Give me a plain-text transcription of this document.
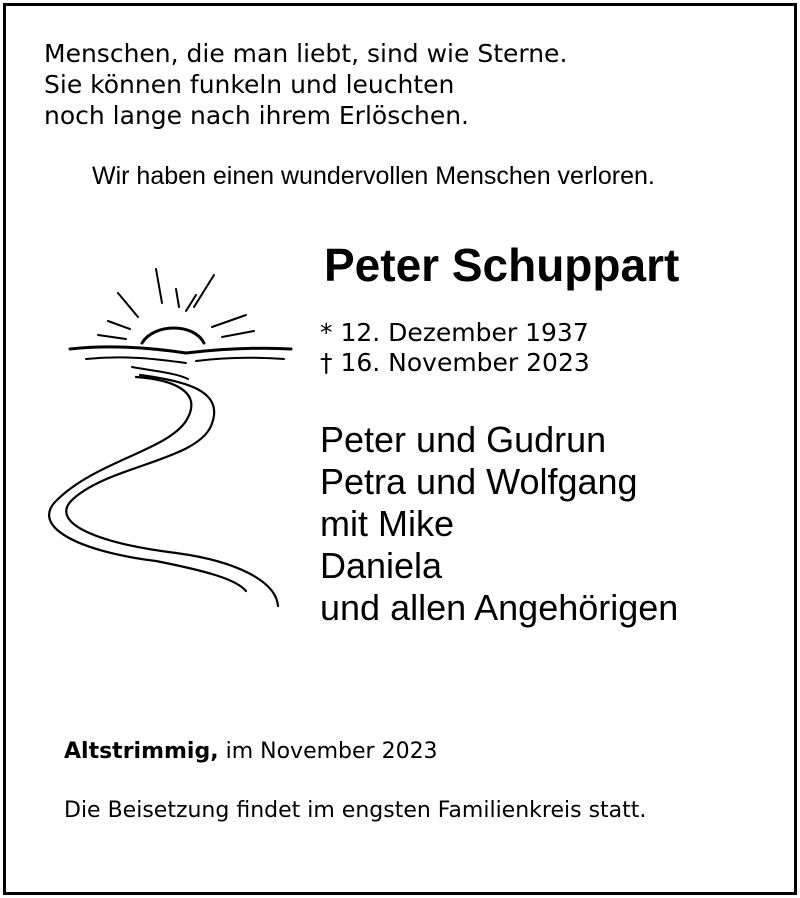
Menschen, die man liebt, sind wie Sterne.
Sie können funkeln und leuchten
noch lange nach ihrem Erlöschen.
Wir haben einen wundervollen Menschen verloren.
Peter Schuppart
* 12. Dezember 1937
† 16. November 2023
Peter und Gudrun
Petra und Wolfgang
mit Mike
Daniela
und allen Angehörigen
Altstrimmig, im November 2023
Die Beisetzung findet im engsten Familienkreis statt.
